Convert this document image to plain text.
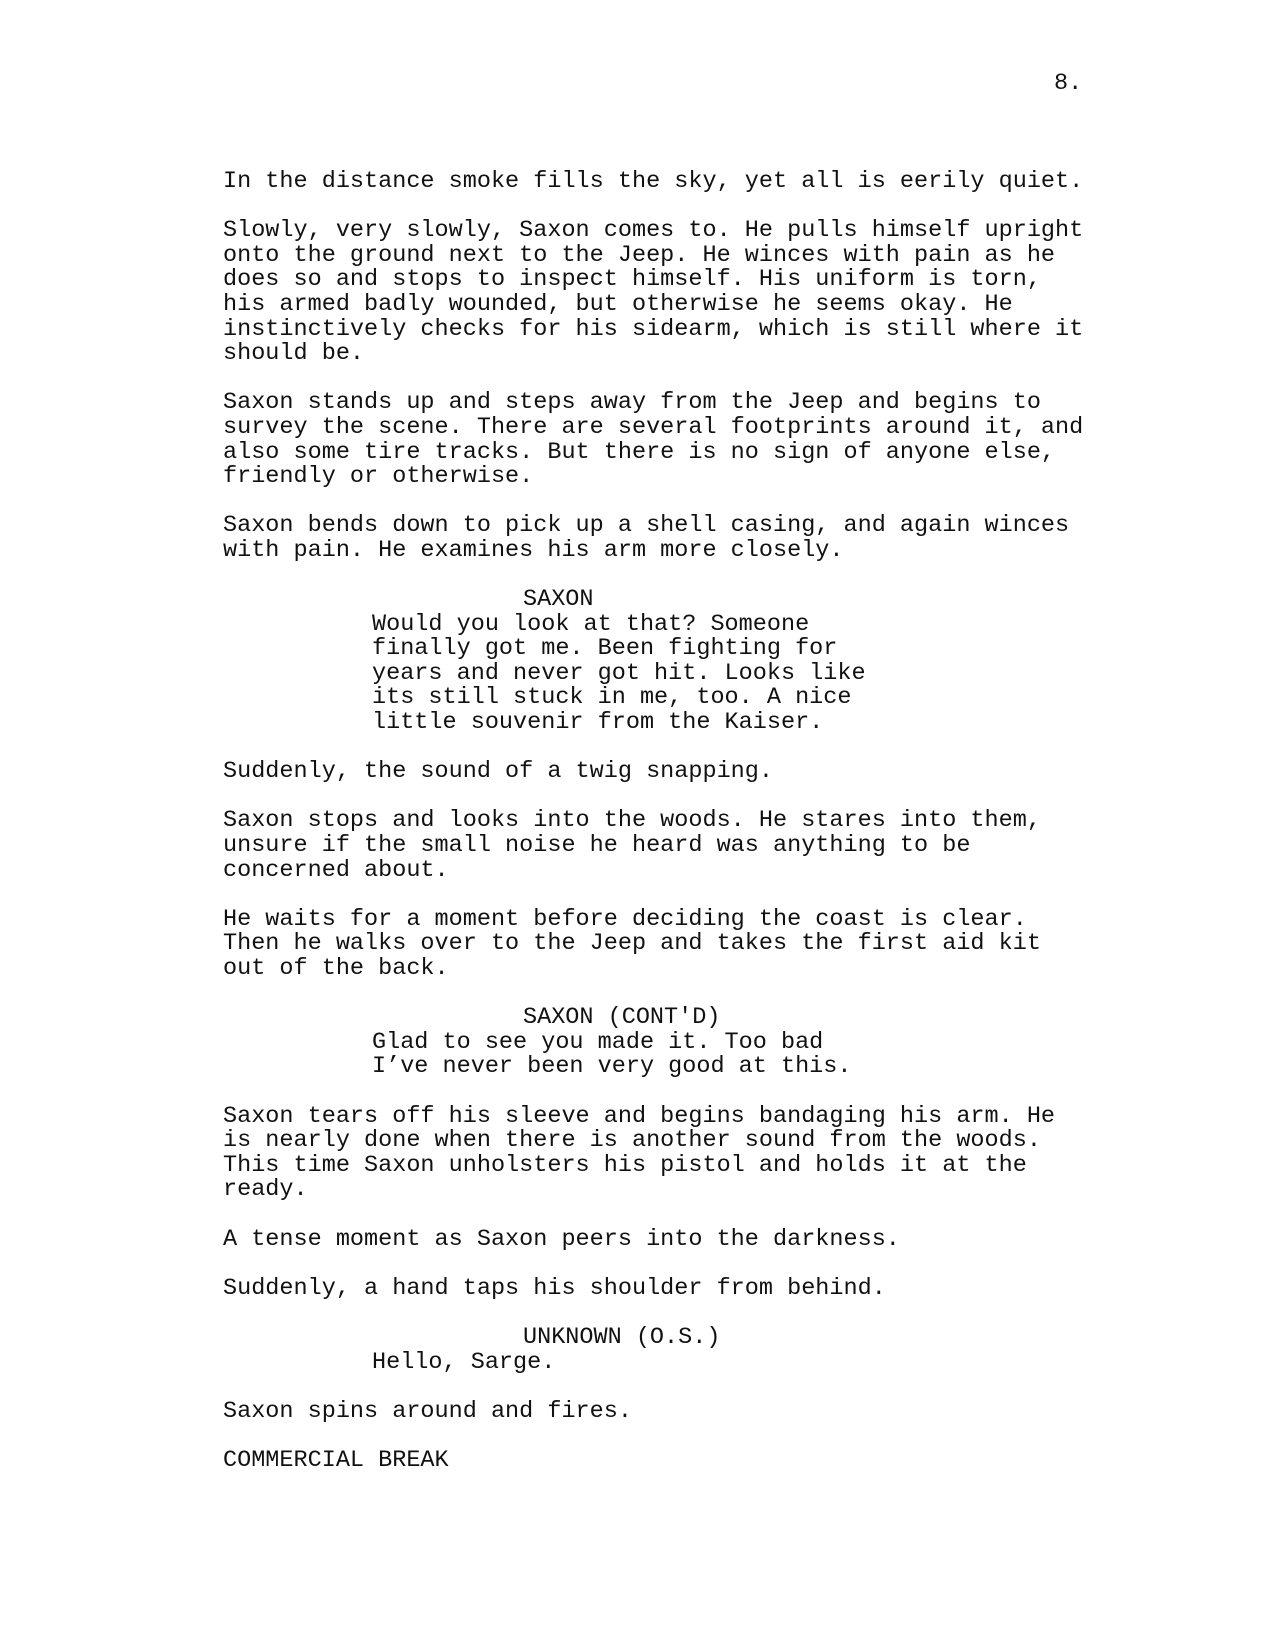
8.

In the distance smoke fills the sky, yet all is eerily quiet.

Slowly, very slowly, Saxon comes to. He pulls himself upright
onto the ground next to the Jeep. He winces with pain as he
does so and stops to inspect himself. His uniform is torn,
his armed badly wounded, but otherwise he seems okay. He
instinctively checks for his sidearm, which is still where it
should be.

Saxon stands up and steps away from the Jeep and begins to
survey the scene. There are several footprints around it, and
also some tire tracks. But there is no sign of anyone else,
friendly or otherwise.

Saxon bends down to pick up a shell casing, and again winces
with pain. He examines his arm more closely.

SAXON

Would you look at that? Someone
finally got me. Been fighting for
years and never got hit. Looks like
its still stuck in me, too. A nice
little souvenir from the Kaiser.

Suddenly, the sound of a twig snapping.

Saxon stops and looks into the woods. He stares into them,
unsure if the small noise he heard was anything to be
concerned about.

He waits for a moment before deciding the coast is clear.
Then he walks over to the Jeep and takes the first aid kit
out of the back.

SAXON (CONT'D)

Glad to see you made it. Too bad
I’ve never been very good at this.

Saxon tears off his sleeve and begins bandaging his arm. He
is nearly done when there is another sound from the woods.
This time Saxon unholsters his pistol and holds it at the
ready.

A tense moment as Saxon peers into the darkness.

Suddenly, a hand taps his shoulder from behind.

UNKNOWN (O.S.)

Hello, Sarge.

Saxon spins around and fires.

COMMERCIAL BREAK
